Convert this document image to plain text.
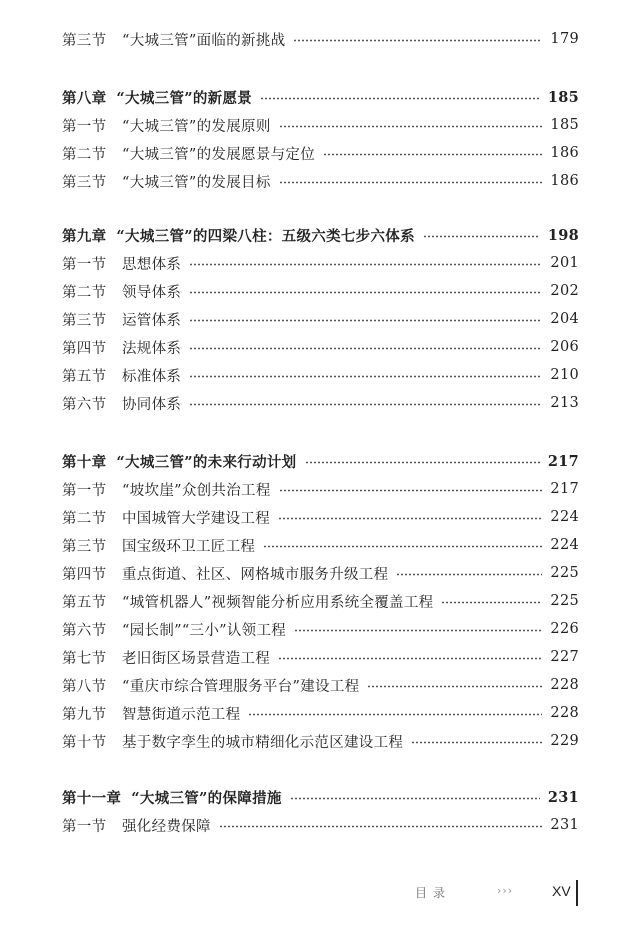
第三节	“大城三管”面临的新挑战	179
第八章 “大城三管”的新愿景	185
第一节	“大城三管”的发展原则	185
第二节	“大城三管”的发展愿景与定位	186
第三节	“大城三管”的发展目标	186
第九章 “大城三管”的四梁八柱：五级六类七步六体系	198
第一节	思想体系	201
第二节	领导体系	202
第三节	运管体系	204
第四节	法规体系	206
第五节	标准体系	210
第六节	协同体系	213
第十章 “大城三管”的未来行动计划	217
第一节	“坡坎崖”众创共治工程	217
第二节	中国城管大学建设工程	224
第三节	国宝级环卫工匠工程	224
第四节	重点街道、社区、网格城市服务升级工程	225
第五节	“城管机器人”视频智能分析应用系统全覆盖工程	225
第六节	“园长制”“三小”认领工程	226
第七节	老旧街区场景营造工程	227
第八节	“重庆市综合管理服务平台”建设工程	228
第九节	智慧街道示范工程	228
第十节	基于数字孪生的城市精细化示范区建设工程	229
第十一章 “大城三管”的保障措施	231
第一节	强化经费保障	231
目录	›››	XV
